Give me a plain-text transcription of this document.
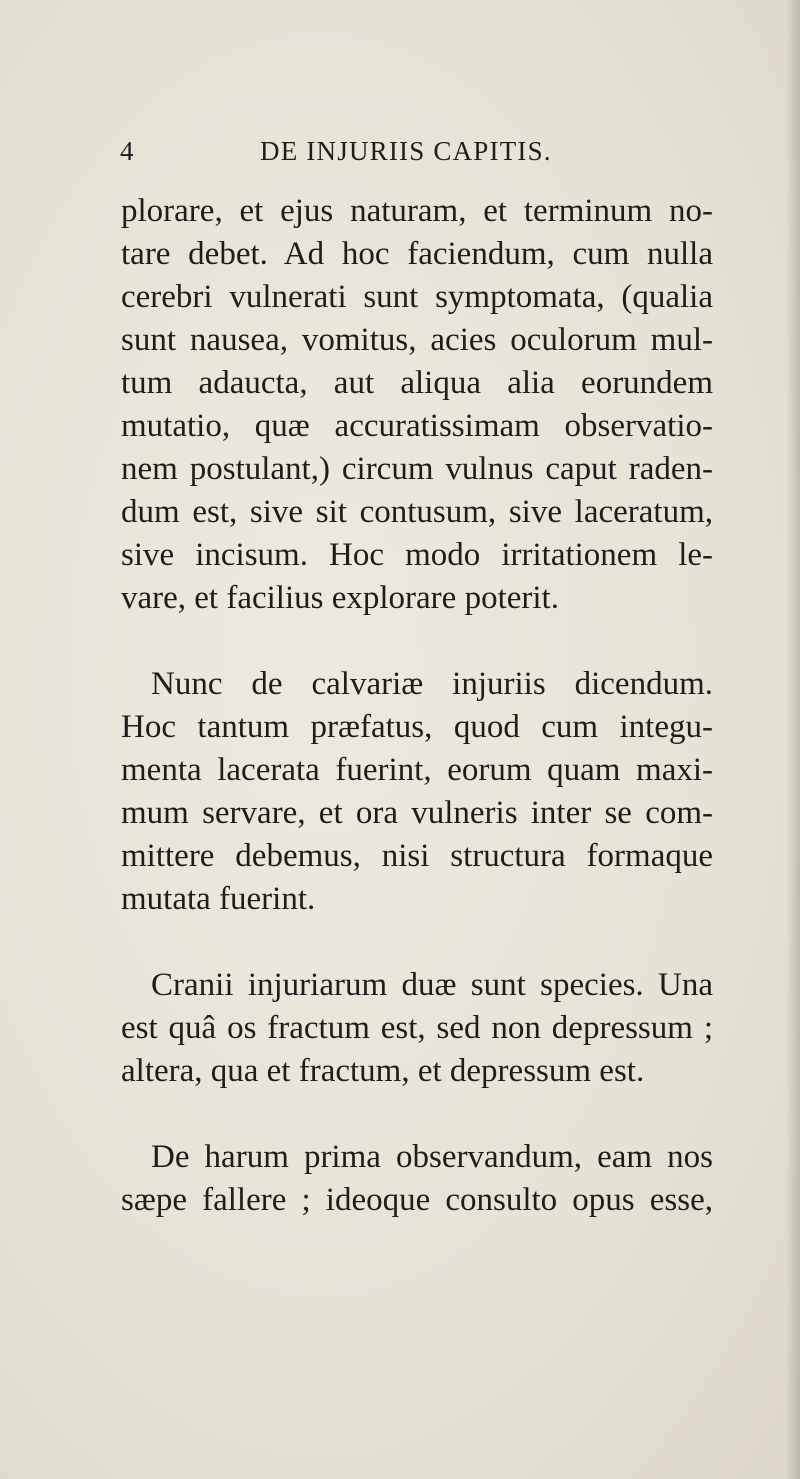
4	DE INJURIIS CAPITIS.
plorare, et ejus naturam, et terminum no-
tare debet. Ad hoc faciendum, cum nulla
cerebri vulnerati sunt symptomata, (qualia
sunt nausea, vomitus, acies oculorum mul-
tum adaucta, aut aliqua alia eorundem
mutatio, quæ accuratissimam observatio-
nem postulant,) circum vulnus caput raden-
dum est, sive sit contusum, sive laceratum,
sive incisum. Hoc modo irritationem le-
vare, et facilius explorare poterit.
Nunc de calvariæ injuriis dicendum.
Hoc tantum præfatus, quod cum integu-
menta lacerata fuerint, eorum quam maxi-
mum servare, et ora vulneris inter se com-
mittere debemus, nisi structura formaque
mutata fuerint.
Cranii injuriarum duæ sunt species. Una
est quâ os fractum est, sed non depressum ;
altera, qua et fractum, et depressum est.
De harum prima observandum, eam nos
sæpe fallere ; ideoque consulto opus esse,
